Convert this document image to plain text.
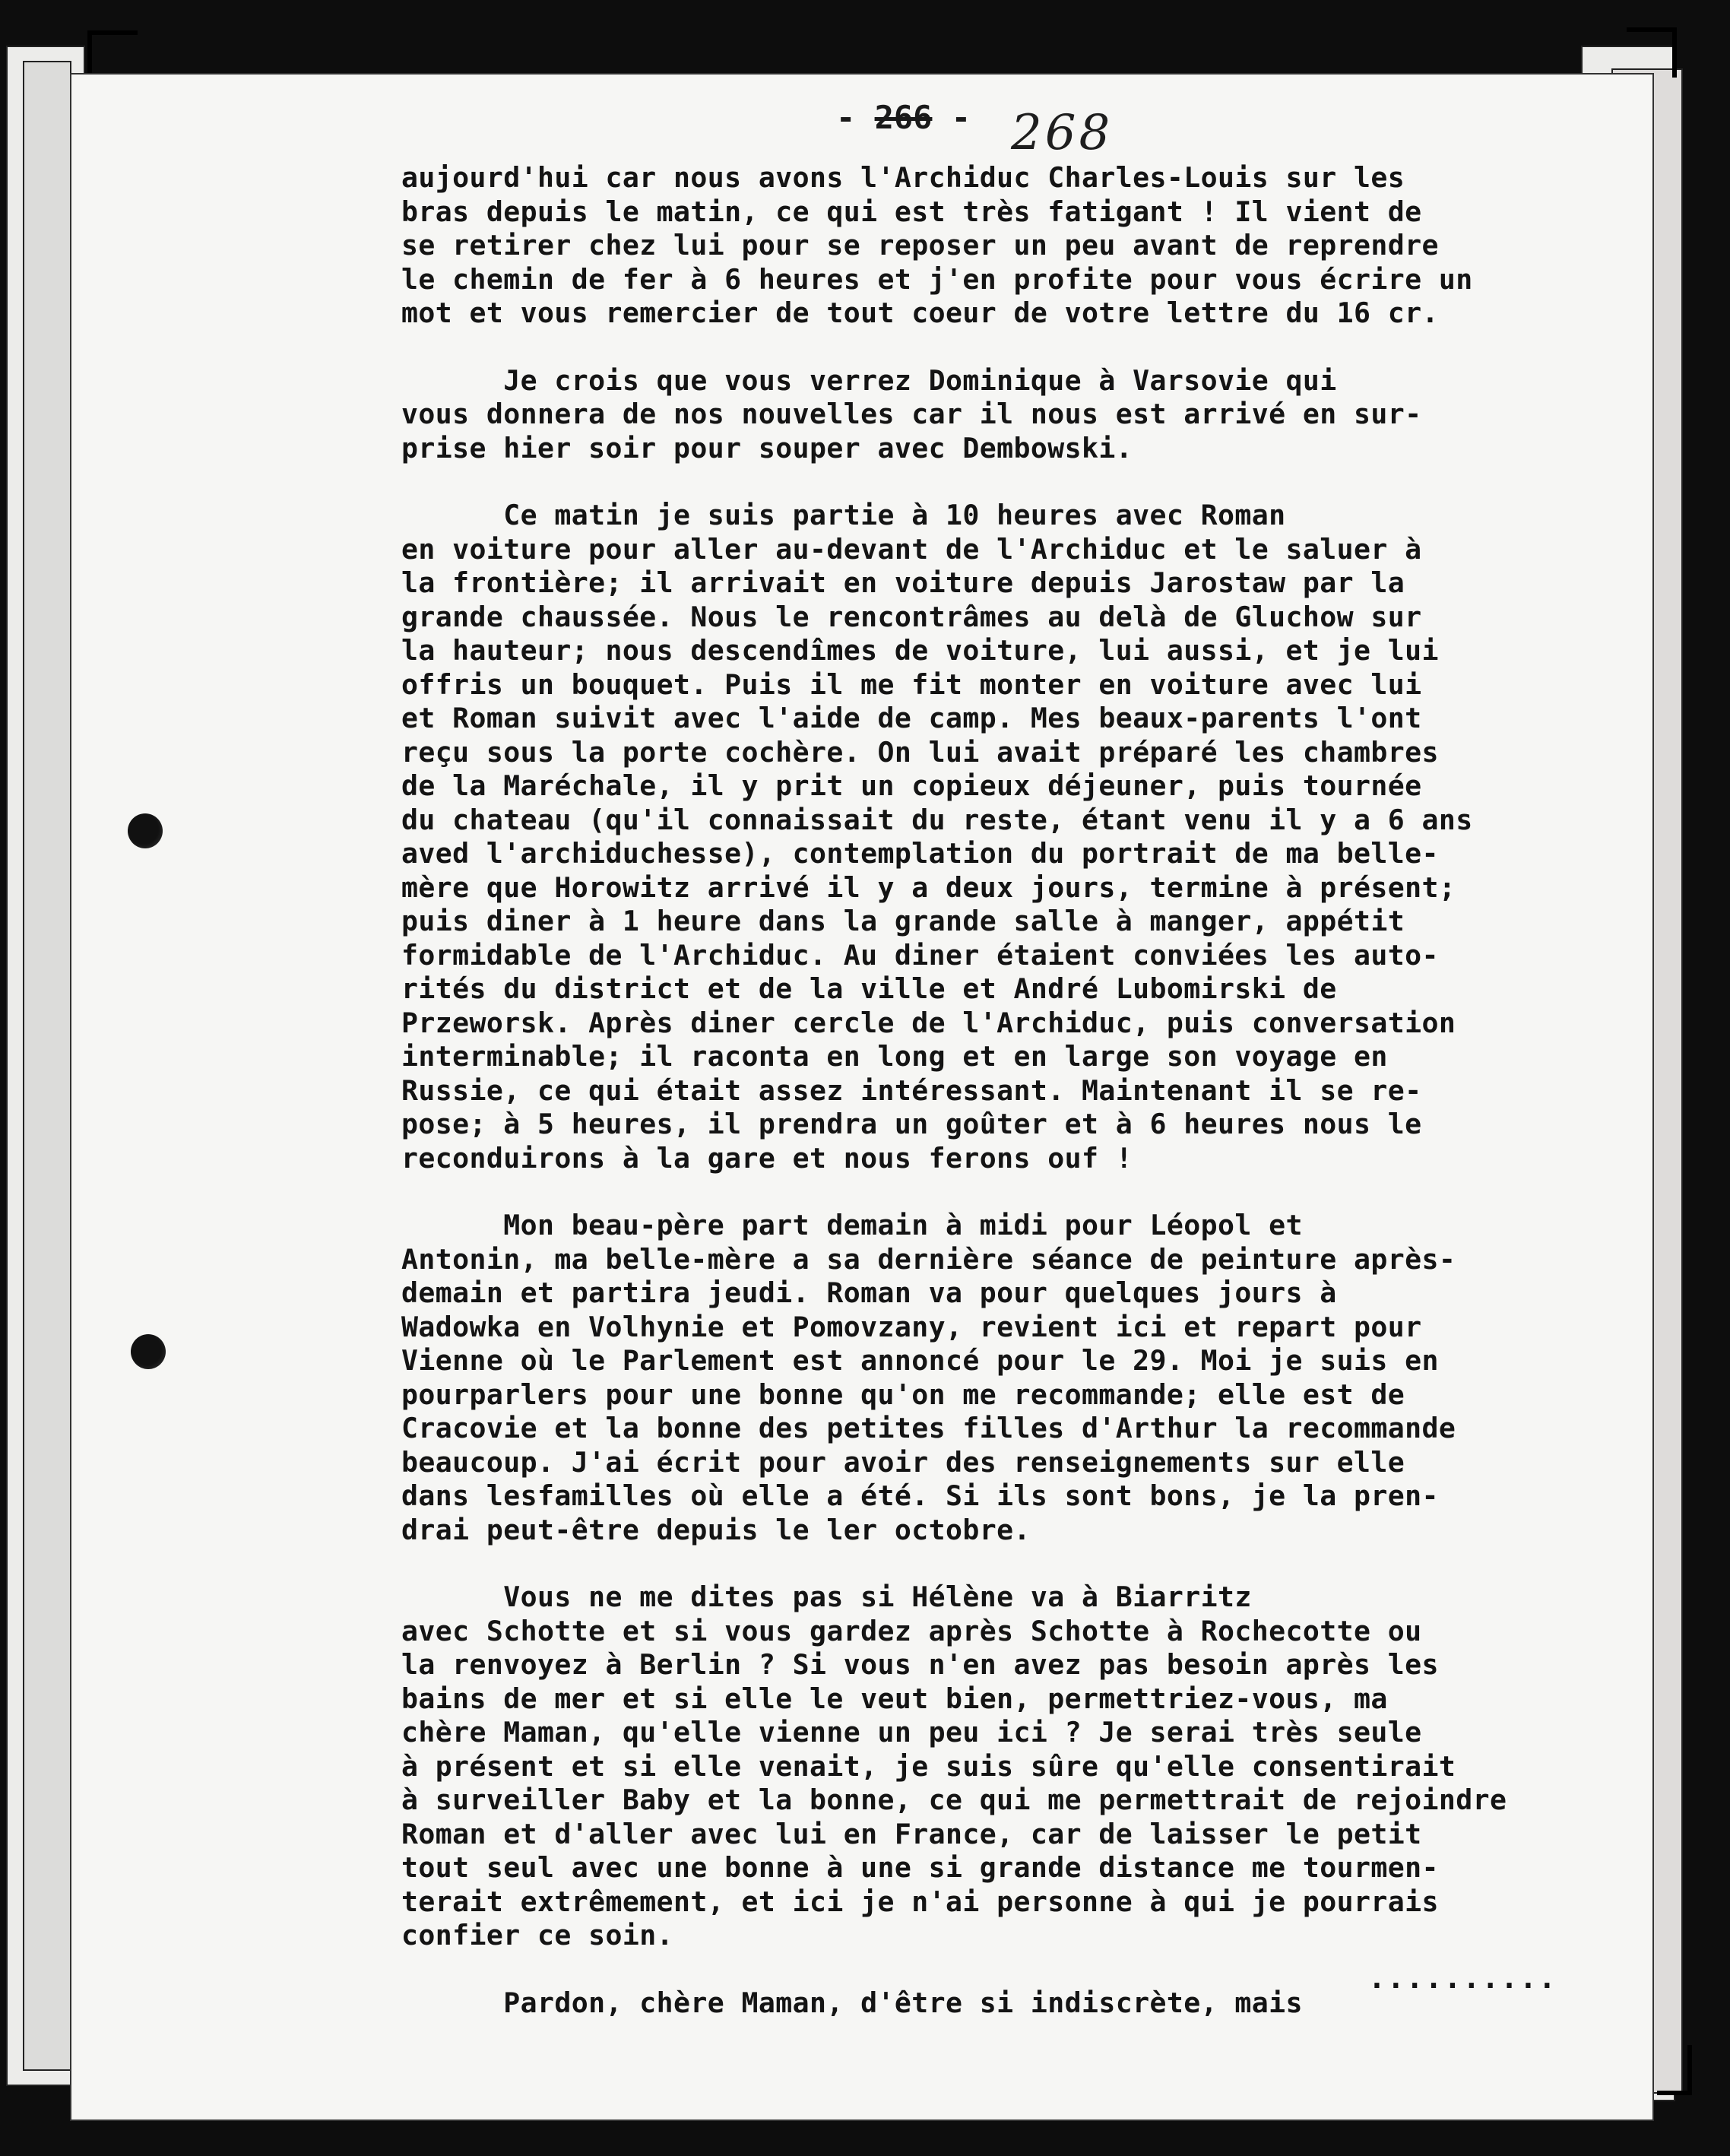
- 266 - 268
aujourd'hui car nous avons l'Archiduc Charles-Louis sur les
bras depuis le matin, ce qui est très fatigant ! Il vient de
se retirer chez lui pour se reposer un peu avant de reprendre
le chemin de fer à 6 heures et j'en profite pour vous écrire un
mot et vous remercier de tout coeur de votre lettre du 16 cr.
Je crois que vous verrez Dominique à Varsovie qui
vous donnera de nos nouvelles car il nous est arrivé en sur-
prise hier soir pour souper avec Dembowski.
Ce matin je suis partie à 10 heures avec Roman
en voiture pour aller au-devant de l'Archiduc et le saluer à
la frontière; il arrivait en voiture depuis Jarostaw par la
grande chaussée. Nous le rencontrâmes au delà de Gluchow sur
la hauteur; nous descendîmes de voiture, lui aussi, et je lui
offris un bouquet. Puis il me fit monter en voiture avec lui
et Roman suivit avec l'aide de camp. Mes beaux-parents l'ont
reçu sous la porte cochère. On lui avait préparé les chambres
de la Maréchale, il y prit un copieux déjeuner, puis tournée
du chateau (qu'il connaissait du reste, étant venu il y a 6 ans
aved l'archiduchesse), contemplation du portrait de ma belle-
mère que Horowitz arrivé il y a deux jours, termine à présent;
puis diner à 1 heure dans la grande salle à manger, appétit
formidable de l'Archiduc. Au diner étaient conviées les auto-
rités du district et de la ville et André Lubomirski de
Przeworsk. Après diner cercle de l'Archiduc, puis conversation
interminable; il raconta en long et en large son voyage en
Russie, ce qui était assez intéressant. Maintenant il se re-
pose; à 5 heures, il prendra un goûter et à 6 heures nous le
reconduirons à la gare et nous ferons ouf !
Mon beau-père part demain à midi pour Léopol et
Antonin, ma belle-mère a sa dernière séance de peinture après-
demain et partira jeudi. Roman va pour quelques jours à
Wadowka en Volhynie et Pomovzany, revient ici et repart pour
Vienne où le Parlement est annoncé pour le 29. Moi je suis en
pourparlers pour une bonne qu'on me recommande; elle est de
Cracovie et la bonne des petites filles d'Arthur la recommande
beaucoup. J'ai écrit pour avoir des renseignements sur elle
dans lesfamilles où elle a été. Si ils sont bons, je la pren-
drai peut-être depuis le ler octobre.
Vous ne me dites pas si Hélène va à Biarritz
avec Schotte et si vous gardez après Schotte à Rochecotte ou
la renvoyez à Berlin ? Si vous n'en avez pas besoin après les
bains de mer et si elle le veut bien, permettriez-vous, ma
chère Maman, qu'elle vienne un peu ici ? Je serai très seule
à présent et si elle venait, je suis sûre qu'elle consentirait
à surveiller Baby et la bonne, ce qui me permettrait de rejoindre
Roman et d'aller avec lui en France, car de laisser le petit
tout seul avec une bonne à une si grande distance me tourmen-
terait extrêmement, et ici je n'ai personne à qui je pourrais
confier ce soin.
Pardon, chère Maman, d'être si indiscrète, mais
..........
